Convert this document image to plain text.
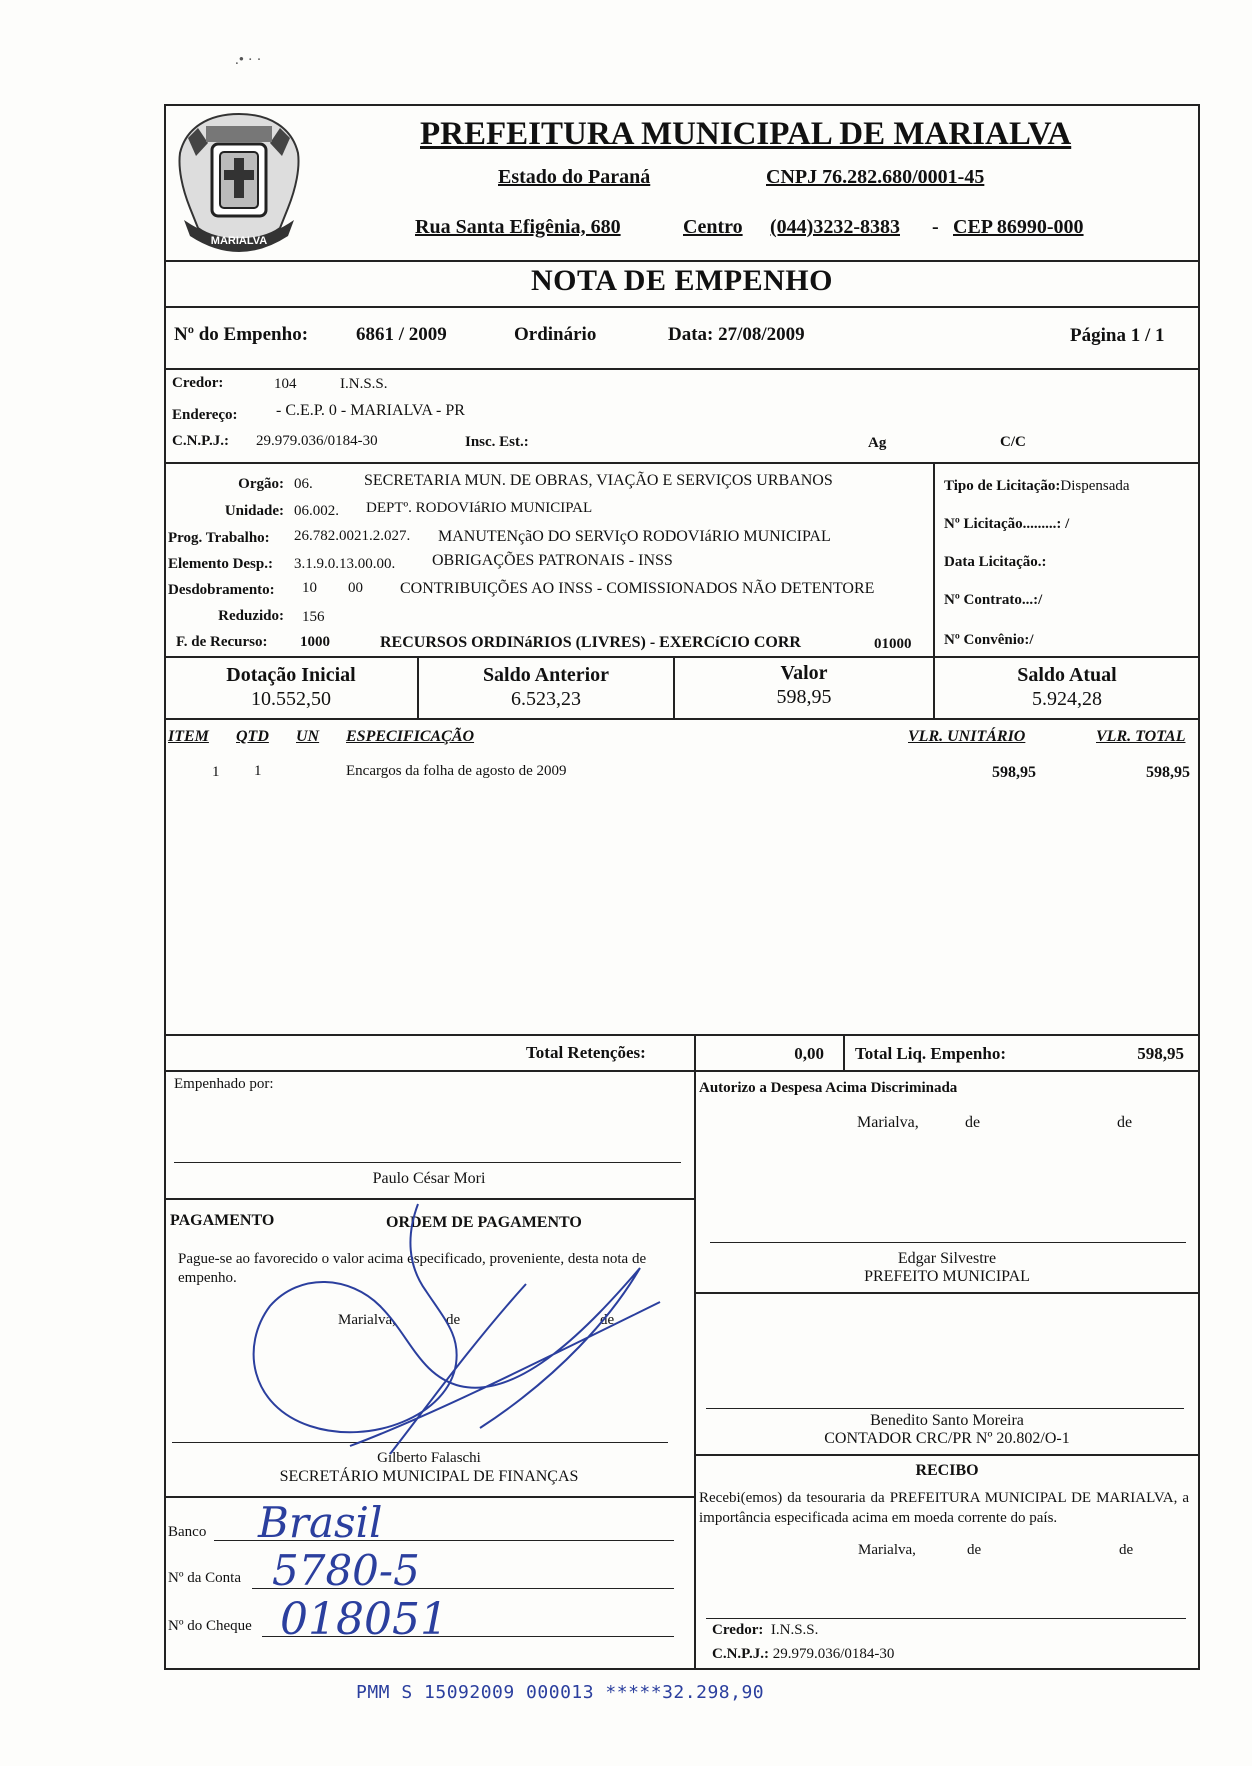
.• · ·
MARIALVA
PREFEITURA MUNICIPAL DE MARIALVA
Estado do Paraná	CNPJ 76.282.680/0001-45
Rua Santa Efigênia, 680	Centro (044)3232-8383 - CEP 86990-000
NOTA DE EMPENHO
Nº do Empenho:	6861 / 2009	Ordinário	Data: 27/08/2009	Página 1 / 1
Credor:	104	I.N.S.S.
Endereço: - C.E.P. 0 - MARIALVA - PR
C.N.P.J.: 29.979.036/0184-30	Insc. Est.:	Ag	C/C
Orgão: 06.	SECRETARIA MUN. DE OBRAS, VIAÇÃO E SERVIÇOS URBANOS
Unidade: 06.002. DEPTº. RODOVIáRIO MUNICIPAL
Prog. Trabalho: 26.782.0021.2.027. MANUTENçãO DO SERVIçO RODOVIáRIO MUNICIPAL
Elemento Desp.: 3.1.9.0.13.00.00. OBRIGAÇÕES PATRONAIS - INSS
Desdobramento: 10 00 CONTRIBUIÇÕES AO INSS - COMISSIONADOS NÃO DETENTORE
Reduzido: 156
F. de Recurso: 1000	RECURSOS ORDINáRIOS (LIVRES) - EXERCíCIO CORR	01000
Tipo de Licitação:Dispensada
Nº Licitação.........: /
Data Licitação.:
Nº Contrato...:/
Nº Convênio:/
Dotação Inicial
10.552,50
Saldo Anterior
6.523,23
Valor
598,95
Saldo Atual
5.924,28
ITEM QTD UN ESPECIFICAÇÃO	VLR. UNITÁRIO	VLR. TOTAL
1 1	Encargos da folha de agosto de 2009	598,95	598,95
Total Retenções:	0,00 Total Liq. Empenho:	598,95
Empenhado por:
Paulo César Mori
Autorizo a Despesa Acima Discriminada
Marialva,	de	de
Edgar Silvestre
PREFEITO MUNICIPAL
PAGAMENTO	ORDEM DE PAGAMENTO
Pague-se ao favorecido o valor acima especificado, proveniente, desta nota de empenho.
Marialva,	de	de
Gilberto Falaschi
SECRETÁRIO MUNICIPAL DE FINANÇAS
Benedito Santo Moreira
CONTADOR CRC/PR Nº 20.802/O-1
RECIBO
Recebi(emos) da tesouraria da PREFEITURA MUNICIPAL DE MARIALVA, a importância especificada acima em moeda corrente do país.
Marialva,	de	de
Credor: I.N.S.S.
C.N.P.J.: 29.979.036/0184-30
Banco Brasil
Nº da Conta 5780-5
Nº do Cheque 018051
PMM S 15092009 000013 *****32.298,90
